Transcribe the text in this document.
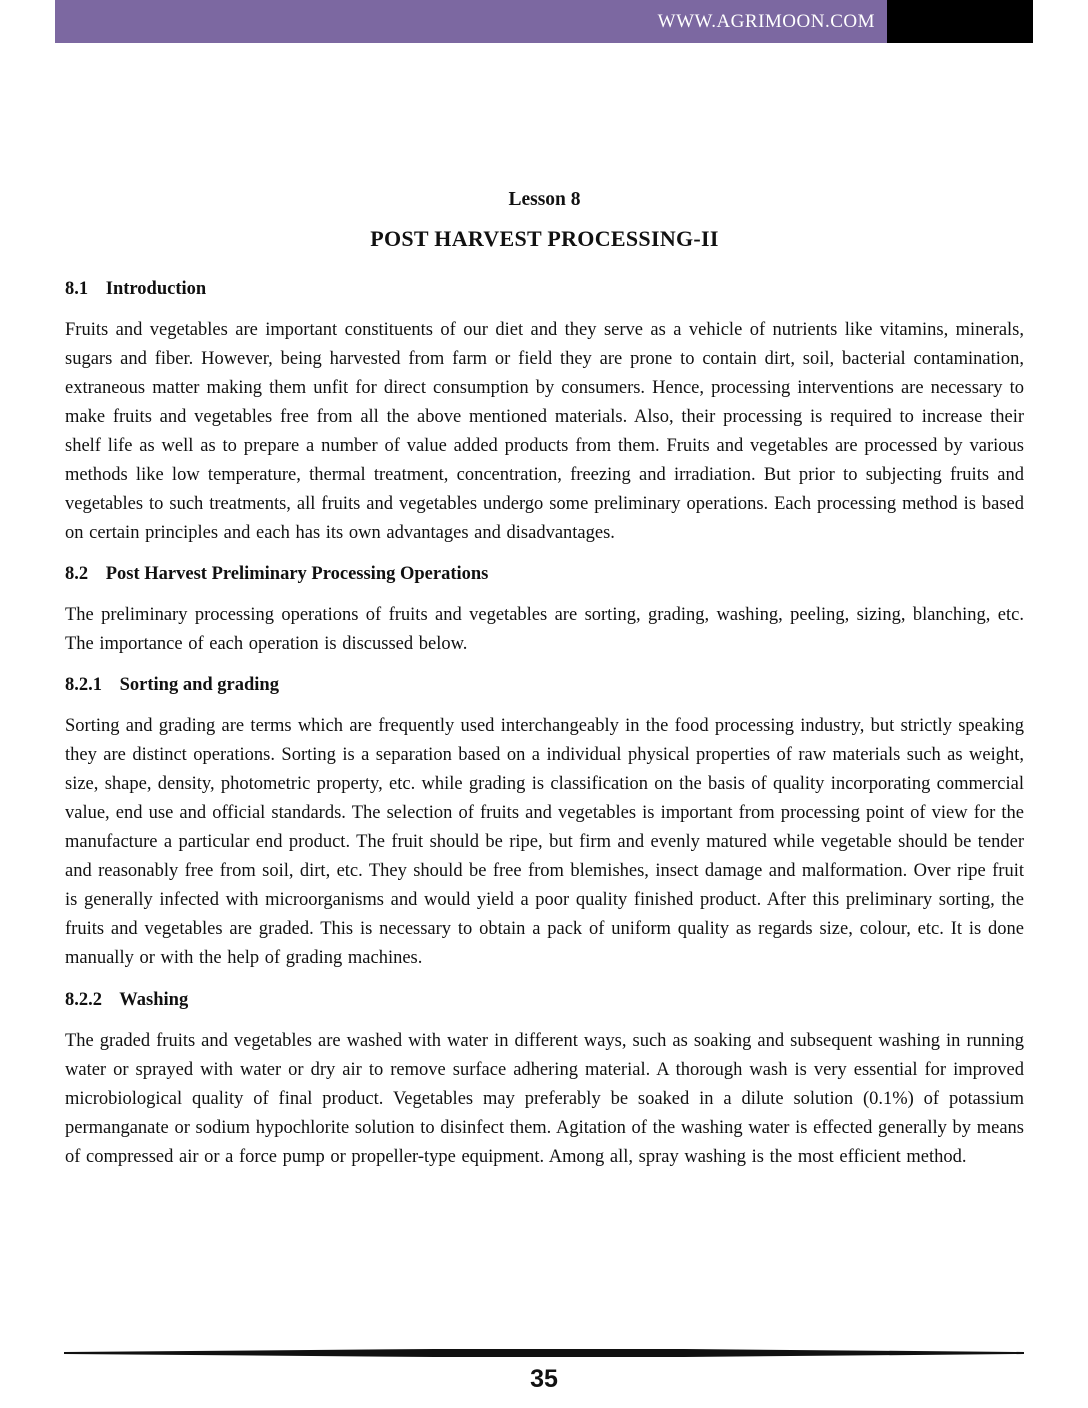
WWW.AGRIMOON.COM
Lesson 8
POST HARVEST PROCESSING-II
8.1 Introduction

Fruits and vegetables are important constituents of our diet and they serve as a vehicle of nutrients like vitamins, minerals, sugars and fiber. However, being harvested from farm or field they are prone to contain dirt, soil, bacterial contamination, extraneous matter making them unfit for direct consumption by consumers. Hence, processing interventions are necessary to make fruits and vegetables free from all the above mentioned materials. Also, their processing is required to increase their shelf life as well as to prepare a number of value added products from them. Fruits and vegetables are processed by various methods like low temperature, thermal treatment, concentration, freezing and irradiation. But prior to subjecting fruits and vegetables to such treatments, all fruits and vegetables undergo some preliminary operations. Each processing method is based on certain principles and each has its own advantages and disadvantages.

8.2 Post Harvest Preliminary Processing Operations

The preliminary processing operations of fruits and vegetables are sorting, grading, washing, peeling, sizing, blanching, etc. The importance of each operation is discussed below.

8.2.1 Sorting and grading

Sorting and grading are terms which are frequently used interchangeably in the food processing industry, but strictly speaking they are distinct operations. Sorting is a separation based on a individual physical properties of raw materials such as weight, size, shape, density, photometric property, etc. while grading is classification on the basis of quality incorporating commercial value, end use and official standards. The selection of fruits and vegetables is important from processing point of view for the manufacture a particular end product. The fruit should be ripe, but firm and evenly matured while vegetable should be tender and reasonably free from soil, dirt, etc. They should be free from blemishes, insect damage and malformation. Over ripe fruit is generally infected with microorganisms and would yield a poor quality finished product. After this preliminary sorting, the fruits and vegetables are graded. This is necessary to obtain a pack of uniform quality as regards size, colour, etc. It is done manually or with the help of grading machines.

8.2.2 Washing

The graded fruits and vegetables are washed with water in different ways, such as soaking and subsequent washing in running water or sprayed with water or dry air to remove surface adhering material. A thorough wash is very essential for improved microbiological quality of final product. Vegetables may preferably be soaked in a dilute solution (0.1%) of potassium permanganate or sodium hypochlorite solution to disinfect them. Agitation of the washing water is effected generally by means of compressed air or a force pump or propeller-type equipment. Among all, spray washing is the most efficient method.

35
